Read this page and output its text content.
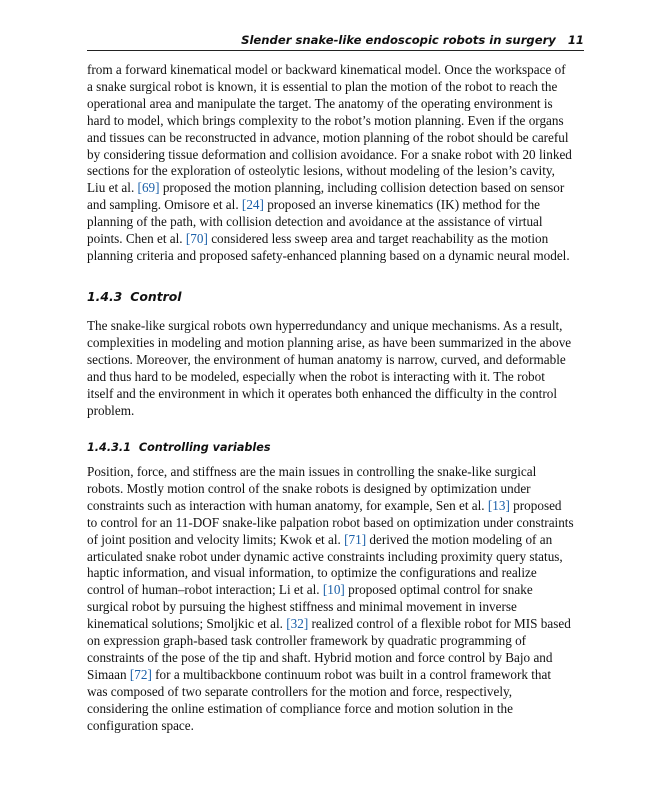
Slender snake-like endoscopic robots in surgery 11

from a forward kinematical model or backward kinematical model. Once the workspace of
a snake surgical robot is known, it is essential to plan the motion of the robot to reach the
operational area and manipulate the target. The anatomy of the operating environment is
hard to model, which brings complexity to the robot’s motion planning. Even if the organs
and tissues can be reconstructed in advance, motion planning of the robot should be careful
by considering tissue deformation and collision avoidance. For a snake robot with 20 linked
sections for the exploration of osteolytic lesions, without modeling of the lesion’s cavity,
Liu et al. [69] proposed the motion planning, including collision detection based on sensor
and sampling. Omisore et al. [24] proposed an inverse kinematics (IK) method for the
planning of the path, with collision detection and avoidance at the assistance of virtual
points. Chen et al. [70] considered less sweep area and target reachability as the motion
planning criteria and proposed safety-enhanced planning based on a dynamic neural model.

1.4.3 Control

The snake-like surgical robots own hyperredundancy and unique mechanisms. As a result,
complexities in modeling and motion planning arise, as have been summarized in the above
sections. Moreover, the environment of human anatomy is narrow, curved, and deformable
and thus hard to be modeled, especially when the robot is interacting with it. The robot
itself and the environment in which it operates both enhanced the difficulty in the control
problem.

1.4.3.1 Controlling variables

Position, force, and stiffness are the main issues in controlling the snake-like surgical
robots. Mostly motion control of the snake robots is designed by optimization under
constraints such as interaction with human anatomy, for example, Sen et al. [13] proposed
to control for an 11-DOF snake-like palpation robot based on optimization under constraints
of joint position and velocity limits; Kwok et al. [71] derived the motion modeling of an
articulated snake robot under dynamic active constraints including proximity query status,
haptic information, and visual information, to optimize the configurations and realize
control of human–robot interaction; Li et al. [10] proposed optimal control for snake
surgical robot by pursuing the highest stiffness and minimal movement in inverse
kinematical solutions; Smoljkic et al. [32] realized control of a flexible robot for MIS based
on expression graph-based task controller framework by quadratic programming of
constraints of the pose of the tip and shaft. Hybrid motion and force control by Bajo and
Simaan [72] for a multibackbone continuum robot was built in a control framework that
was composed of two separate controllers for the motion and force, respectively,
considering the online estimation of compliance force and motion solution in the
configuration space.
